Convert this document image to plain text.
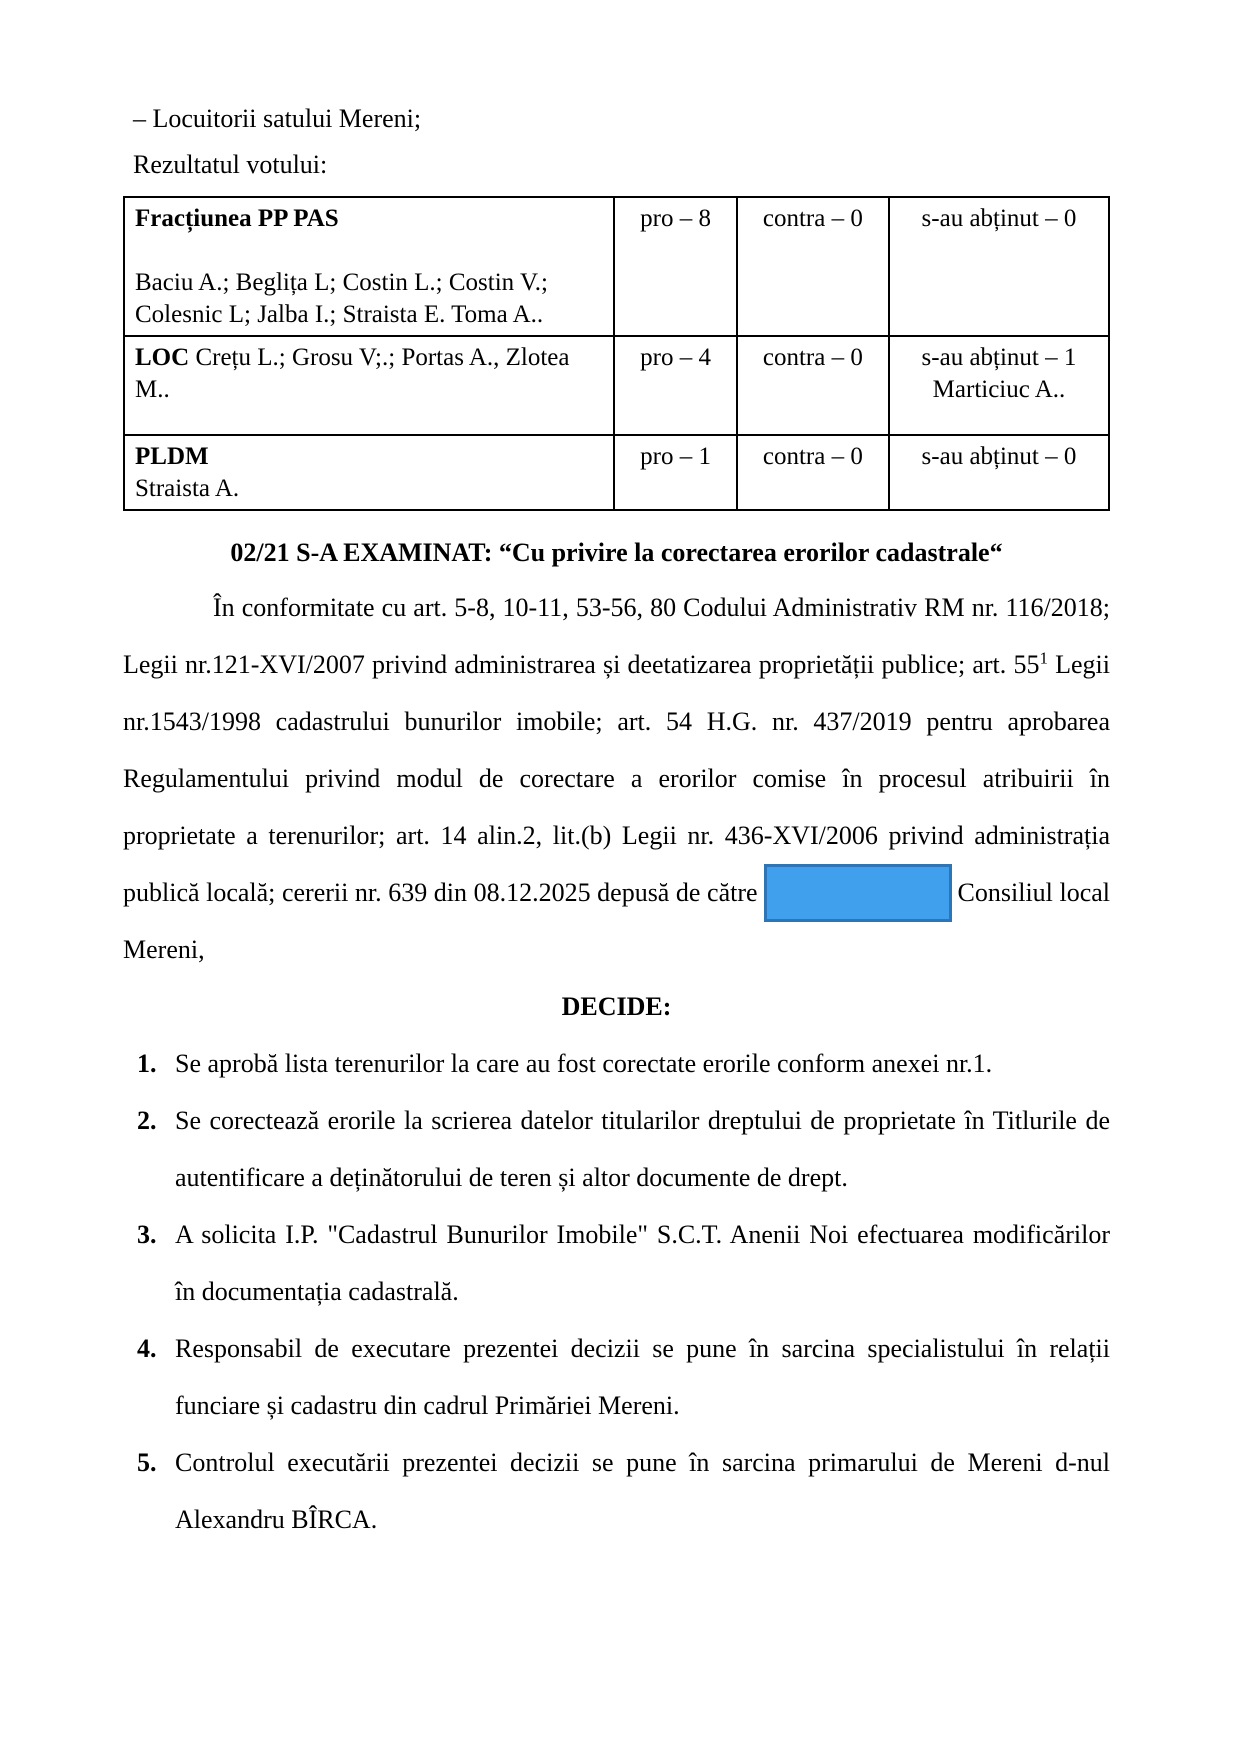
– Locuitorii satului Mereni;

Rezultatul votului:

Fracțiunea PP PAS
Baciu A.; Beglița L; Costin L.; Costin V.;
Colesnic L; Jalba I.; Straista E. Toma A..	pro – 8	contra – 0	s-au abținut – 0
LOC Crețu L.; Grosu V;.; Portas A., Zlotea M..	pro – 4	contra – 0	s-au abținut – 1
Marticiuc A..

PLDM
Straista A.	pro – 1	contra – 0	s-au abținut – 0
02/21 S-A EXAMINAT: “Cu privire la corectarea erorilor cadastrale“

În conformitate cu art. 5-8, 10-11, 53-56, 80 Codului Administrativ RM nr. 116/2018; Legii nr.121-XVI/2007 privind administrarea și deetatizarea proprietății publice; art. $55^1$ Legii nr.1543/1998 cadastrului bunurilor imobile; art. 54 H.G. nr. 437/2019 pentru aprobarea Regulamentului privind modul de corectare a erorilor comise în procesul atribuirii în proprietate a terenurilor; art. 14 alin.2, lit.(b) Legii nr. 436-XVI/2006 privind administrația publică locală; cererii nr. 639 din 08.12.2025 depusă de către	Consiliul local Mereni,

DECIDE:
1. Se aprobă lista terenurilor la care au fost corectate erorile conform anexei nr.1.
2. Se corectează erorile la scrierea datelor titularilor dreptului de proprietate în Titlurile de autentificare a deținătorului de teren și altor documente de drept.
3. A solicita I.P. "Cadastrul Bunurilor Imobile" S.C.T. Anenii Noi efectuarea modificărilor în documentația cadastrală.
4. Responsabil de executare prezentei decizii se pune în sarcina specialistului în relații funciare și cadastru din cadrul Primăriei Mereni.
5. Controlul executării prezentei decizii se pune în sarcina primarului de Mereni d-nul Alexandru BÎRCA.
